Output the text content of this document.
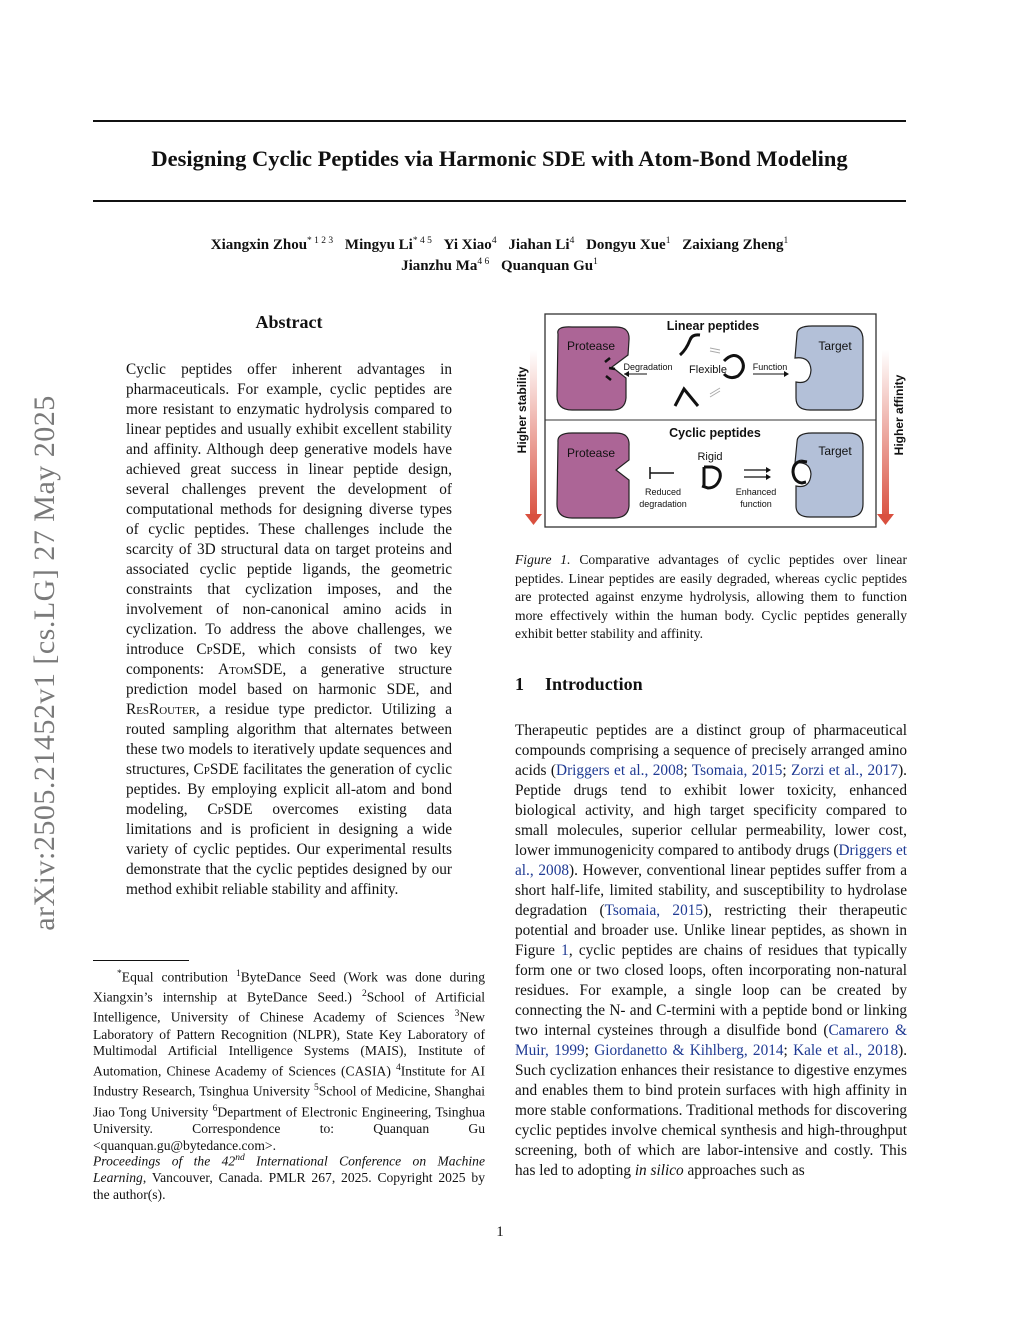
arXiv:2505.21452v1 [cs.LG] 27 May 2025
Designing Cyclic Peptides via Harmonic SDE with Atom-Bond Modeling
Xiangxin Zhou$^{* 1 2 3}$ Mingyu $Li^{* 4 5}$ Yi Xiao$^4$ Jiahan Li$^4$ Dongyu Xue$^1$ Zaixiang Zheng$^1$
Jianzhu $Ma^{4 6}$ Quanquan Gu$^1$
Abstract
Cyclic peptides offer inherent advantages in pharmaceuticals. For example, cyclic peptides are more resistant to enzymatic hydrolysis compared to linear peptides and usually exhibit excellent stability and affinity. Although deep generative models have achieved great success in linear peptide design, several challenges prevent the development of computational methods for designing diverse types of cyclic peptides. These challenges include the scarcity of 3D structural data on target proteins and associated cyclic peptide ligands, the geometric constraints that cyclization imposes, and the involvement of non-canonical amino acids in cyclization. To address the above challenges, we introduce CpSDE, which consists of two key components: AtomSDE, a generative structure prediction model based on harmonic SDE, and ResRouter, a residue type predictor. Utilizing a routed sampling algorithm that alternates between these two models to iteratively update sequences and structures, CpSDE facilitates the generation of cyclic peptides. By employing explicit all-atom and bond modeling, CpSDE overcomes existing data limitations and is proficient in designing a wide variety of cyclic peptides. Our experimental results demonstrate that the cyclic peptides designed by our method exhibit reliable stability and affinity.
*Equal contribution $^1$ByteDance Seed (Work was done during Xiangxin’s internship at ByteDance Seed.) $^2$School of Artificial Intelligence, University of Chinese Academy of Sciences $^3$New Laboratory of Pattern Recognition (NLPR), State Key Laboratory of Multimodal Artificial Intelligence Systems (MAIS), Institute of Automation, Chinese Academy of Sciences (CASIA) $^4$Institute for AI Industry Research, Tsinghua University $^5$School of Medicine, Shanghai Jiao Tong University $^6$Department of Electronic Engineering, Tsinghua University. Correspondence to: Quanquan Gu <quanquan.gu@bytedance.com>.
Proceedings of the 42nd International Conference on Machine Learning, Vancouver, Canada. PMLR 267, 2025. Copyright 2025 by the author(s).
Higher stability	Higher affinity
Linear peptides
Protease
Degradation Flexible	Function
Target
Cyclic peptides
Protease
Reduced
degradation
Rigid
Enhanced
function
Target
Figure 1. Comparative advantages of cyclic peptides over linear peptides. Linear peptides are easily degraded, whereas cyclic peptides are protected against enzyme hydrolysis, allowing them to function more effectively within the human body. Cyclic peptides generally exhibit better stability and affinity.
1 Introduction
Therapeutic peptides are a distinct group of pharmaceutical compounds comprising a sequence of precisely arranged amino acids (Driggers et al., 2008; Tsomaia, 2015; Zorzi et al., 2017). Peptide drugs tend to exhibit lower toxicity, enhanced biological activity, and high target specificity compared to small molecules, superior cellular permeability, lower cost, lower immunogenicity compared to antibody drugs (Driggers et al., 2008). However, conventional linear peptides suffer from a short half-life, limited stability, and susceptibility to hydrolase degradation (Tsomaia, 2015), restricting their therapeutic potential and broader use. Unlike linear peptides, as shown in Figure 1, cyclic peptides are chains of residues that typically form one or two closed loops, often incorporating non-natural residues. For example, a single loop can be created by connecting the N- and C-termini with a peptide bond or linking two internal cysteines through a disulfide bond (Camarero & Muir, 1999; Giordanetto & Kihlberg, 2014; Kale et al., 2018). Such cyclization enhances their resistance to digestive enzymes and enables them to bind protein surfaces with high affinity in more stable conformations. Traditional methods for discovering cyclic peptides involve chemical synthesis and high-throughput screening, both of which are labor-intensive and costly. This has led to adopting in silico approaches such as
1
